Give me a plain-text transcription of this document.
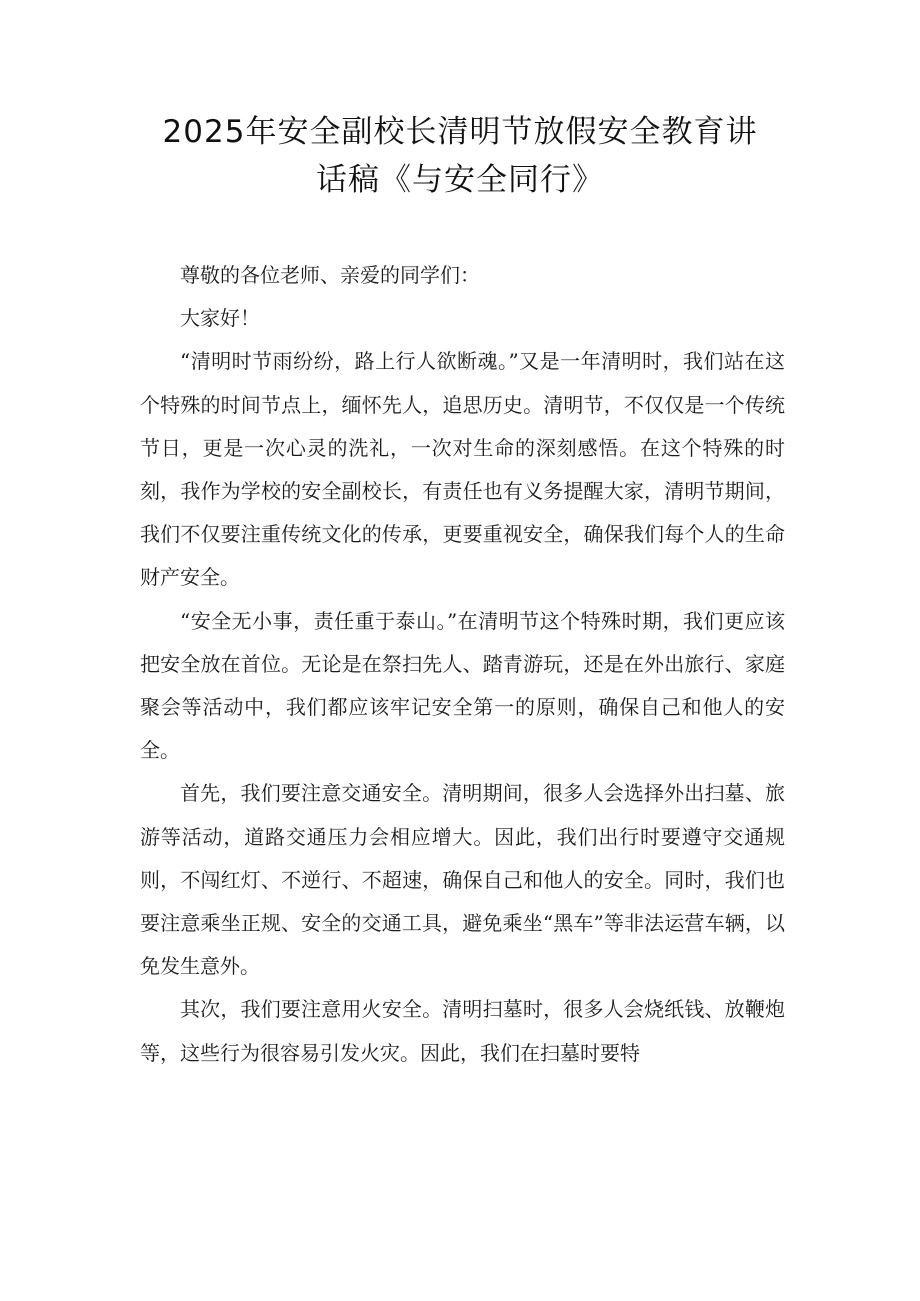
2025年安全副校长清明节放假安全教育讲
话稿《与安全同行》

尊敬的各位老师、亲爱的同学们：

大家好！

“清明时节雨纷纷，路上行人欲断魂。”又是一年清明时，我们站在这个特殊的时间节点上，缅怀先人，追思历史。清明节，不仅仅是一个传统节日，更是一次心灵的洗礼，一次对生命的深刻感悟。在这个特殊的时刻，我作为学校的安全副校长，有责任也有义务提醒大家，清明节期间，我们不仅要注重传统文化的传承，更要重视安全，确保我们每个人的生命财产安全。

“安全无小事，责任重于泰山。”在清明节这个特殊时期，我们更应该把安全放在首位。无论是在祭扫先人、踏青游玩，还是在外出旅行、家庭聚会等活动中，我们都应该牢记安全第一的原则，确保自己和他人的安全。

首先，我们要注意交通安全。清明期间，很多人会选择外出扫墓、旅游等活动，道路交通压力会相应增大。因此，我们出行时要遵守交通规则，不闯红灯、不逆行、不超速，确保自己和他人的安全。同时，我们也要注意乘坐正规、安全的交通工具，避免乘坐“黑车”等非法运营车辆，以免发生意外。

其次，我们要注意用火安全。清明扫墓时，很多人会烧纸钱、放鞭炮等，这些行为很容易引发火灾。因此，我们在扫墓时要特
